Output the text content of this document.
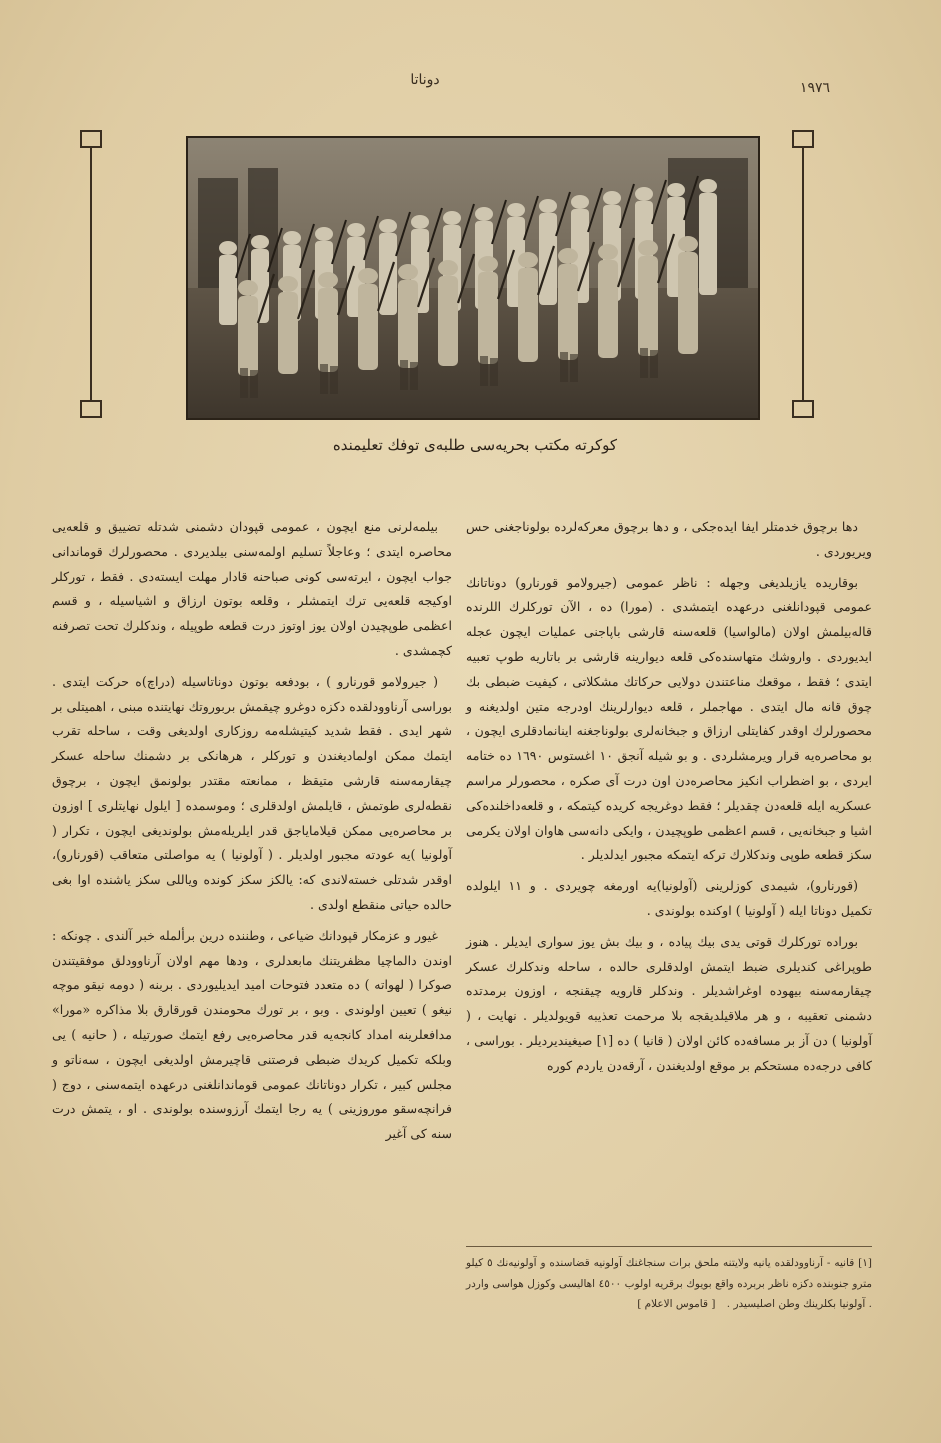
دوناتا	١٩٧٦
كوكرته مكتب بحريه‌سى طلبه‌ى توفك تعليمنده

دها برچوق خدمتلر ايفا ايده‌جكى ، و دها برچوق معركه‌لرده بولوناجغنى حس ويريوردى .

بوقاريده يازيلديغى وجهله : ناظر عمومى (جيرولامو قورنارو) دوناتانك عمومى قپودانلغنى درعهده ايتمشدى . (مورا) ده ، الآن توركلرك اللرنده قاله‌بيلمش اولان (مالواسيا) قلعه‌سنه قارشى باپاجنى عمليات ايچون عجله ايديوردى . واروشك متهاسنده‌كى قلعه ديوارينه قارشى بر باتاريه طوپ تعبيه ايتدى ؛ فقط ، موقعك مناعتندن دولايى حركاتك مشكلاتى ، كيفيت ضبطى بك چوق قانه مال ايتدى . مهاجملر ، قلعه ديوارلرينك اودرجه متين اولديغنه و محصورلرك اوقدر كفايتلى ارزاق و جبخانه‌لرى بولوناجغنه اينانمادقلرى ايچون ، بو محاصره‌يه قرار ويرمشلردى . و بو شيله آنجق ١٠ اغستوس ١٦٩٠ ده ختامه ايردى ، بو اضطراب انكيز محاصره‌دن اون درت آى صكره ، محصورلر مراسم عسكريه ايله قلعه‌دن چقديلر ؛ فقط دوغريجه كريده كيتمكه ، و قلعه‌داخلنده‌كى اشيا و جبخانه‌يى ، قسم اعظمى طوپچيدن ، وايكى دانه‌سى هاوان اولان يكرمى سكز قطعه طوپى وندكلارك تركه ايتمكه مجبور ايدلديلر .

(قورنارو)، شيمدى كوزلرينى (آولونيا)يه اورمغه چويردى . و ١١ ايلولده تكميل دوناتا ايله ( آولونيا ) اوكنده بولوندى .

بوراده توركلرك قوتى يدى بيك پياده ، و بيك بش يوز سوارى ايديلر . هنوز طوپراغى كنديلرى ضبط ايتمش اولدقلرى حالده ، ساحله وندكلرك عسكر چيقارمه‌سنه‌ بيهوده اوغراشديلر . وندكلر قارويه چيقنجه ، اوزون برمدتده دشمنى تعقيبه ، و هر ملاقيلديقجه بلا مرحمت تعذيبه قويولديلر . نهايت ، ( آولونيا ) دن آز بر مسافه‌ده كائن اولان ( قانيا ) ده [١] صيغينديرديلر . بوراسى ، كافى درجه‌ده مستحكم بر موقع اولديغندن ، آرقه‌دن ياردم كوره

بيلمه‌لرنى منع ايچون ، عمومى قپودان دشمنى شدتله تضييق و قلعه‌يى محاصره ايتدى ؛ وعاجلاً تسليم اولمه‌سنى بيلديردى . محصورلرك قوماندانى جواب ايچون ، ايرته‌سى كونى صباحنه قادار مهلت ايسته‌دى . فقط ، توركلر اوكيجه قلعه‌يى ترك ايتمشلر ، وقلعه بوتون ارزاق و اشياسيله ، و قسم اعظمى طوپچيدن اولان يوز اوتوز درت قطعه طوپيله ، وندكلرك تحت تصرفنه كچمشدى .

( جيرولامو قورنارو ) ، بودفعه بوتون دوناتاسيله (دراچ)ه حركت ايتدى . بوراسى آرناوودلقده دكزه دوغرو چيقمش بربوروتك نهايتنده مبنى ، اهميتلى بر شهر ايدى . فقط شديد كيتيشله‌مه روزكارى اولديغى وقت ، ساحله تقرب ايتمك ممكن اولماديغندن و توركلر ، هرهانكى بر دشمنك ساحله عسكر چيقارمه‌سنه قارشى متيقظ ، ممانعته مقتدر بولونمق ايچون ، برچوق نقطه‌لرى طوتمش ، قايلمش اولدقلرى ؛ وموسمده [ ايلول نهايتلرى ] اوزون بر محاصره‌يى ممكن قيلاماياجق قدر ايلريله‌مش بولونديغى ايچون ، تكرار ( آولونيا )يه عودته مجبور اولديلر . ( آولونيا ) يه مواصلتى متعاقب (قورنارو)، اوقدر شدتلى خسته‌لاندى كه: يالكز سكز كونده وياللى سكز ياشنده اوا بغى حالده حياتى منقطع اولدى .

غيور و عزمكار قپودانك ضياعى ، وطننده درين برألمله خبر آلندى . چونكه : اوندن دالماچيا مظفريتنك مابعدلرى ، ودها مهم اولان آرناوودلق موفقيتندن صوكرا ( لهواته ) ده متعدد فتوحات اميد ايديليوردى . بربنه ( دومه نيقو موچه نيغو ) تعيين اولوندى . وبو ، بر تورك محومندن قورقارق بلا مذاكره «مورا» مدافعلرينه امداد كانجه‌يه قدر محاصره‌يى رفع ايتمك صورتيله ، ( حانيه ) يى وبلكه تكميل كريدك ضبطى فرصتنى قاچيرمش اولديغى ايچون ، سه‌ناتو و مجلس كبير ، تكرار دوناتانك عمومى قوماندانلغنى درعهده ايتمه‌سنى ، دوج ( فرانچه‌سقو موروزينى ) يه رجا ايتمك آرزوسنده بولوندى . او ، يتمش درت سنه كى آغير

[١] قانيه - آرناوودلقده يانيه ولايتنه ملحق برات سنجاغنك آولونيه قضاسنده و آولونيه‌نك ٥ كيلو مترو جنوبنده دكزه ناظر بربرده واقع بويوك برقريه اولوب ٤٥٠٠ اهاليسى وكوزل هواسى واردر . آولونيا بكلرينك وطن اصليسيدر . [ قاموس الاعلام ]
